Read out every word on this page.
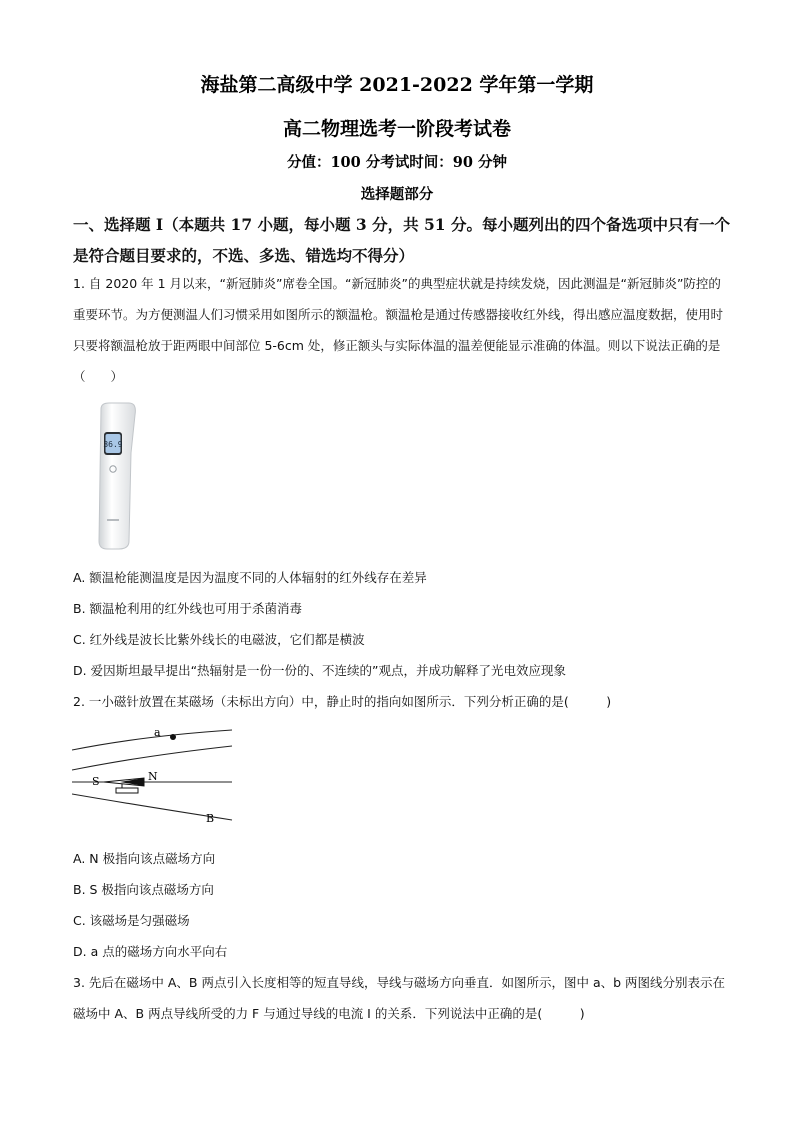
海盐第二高级中学 2021-2022 学年第一学期
高二物理选考一阶段考试卷
分值：100 分考试时间：90 分钟
选择题部分
一、选择题 I（本题共 17 小题，每小题 3 分，共 51 分。每小题列出的四个备选项中只有一个是符合题目要求的，不选、多选、错选均不得分）
1. 自 2020 年 1 月以来，“新冠肺炎”席卷全国。“新冠肺炎”的典型症状就是持续发烧，因此测温是“新冠肺炎”防控的重要环节。为方便测温人们习惯采用如图所示的额温枪。额温枪是通过传感器接收红外线，得出感应温度数据，使用时只要将额温枪放于距两眼中间部位 5-6cm 处，修正额头与实际体温的温差便能显示准确的体温。则以下说法正确的是（　　）
36.9
A. 额温枪能测温度是因为温度不同的人体辐射的红外线存在差异
B. 额温枪利用的红外线也可用于杀菌消毒
C. 红外线是波长比紫外线长的电磁波，它们都是横波
D. 爱因斯坦最早提出“热辐射是一份一份的、不连续的”观点，并成功解释了光电效应现象
2. 一小磁针放置在某磁场（未标出方向）中，静止时的指向如图所示．下列分析正确的是(　　　)
a
S	N
B
A. N 极指向该点磁场方向
B. S 极指向该点磁场方向
C. 该磁场是匀强磁场
D. a 点的磁场方向水平向右
3. 先后在磁场中 A、B 两点引入长度相等的短直导线，导线与磁场方向垂直．如图所示，图中 a、b 两图线分别表示在磁场中 A、B 两点导线所受的力 F 与通过导线的电流 I 的关系．下列说法中正确的是(　　　)
